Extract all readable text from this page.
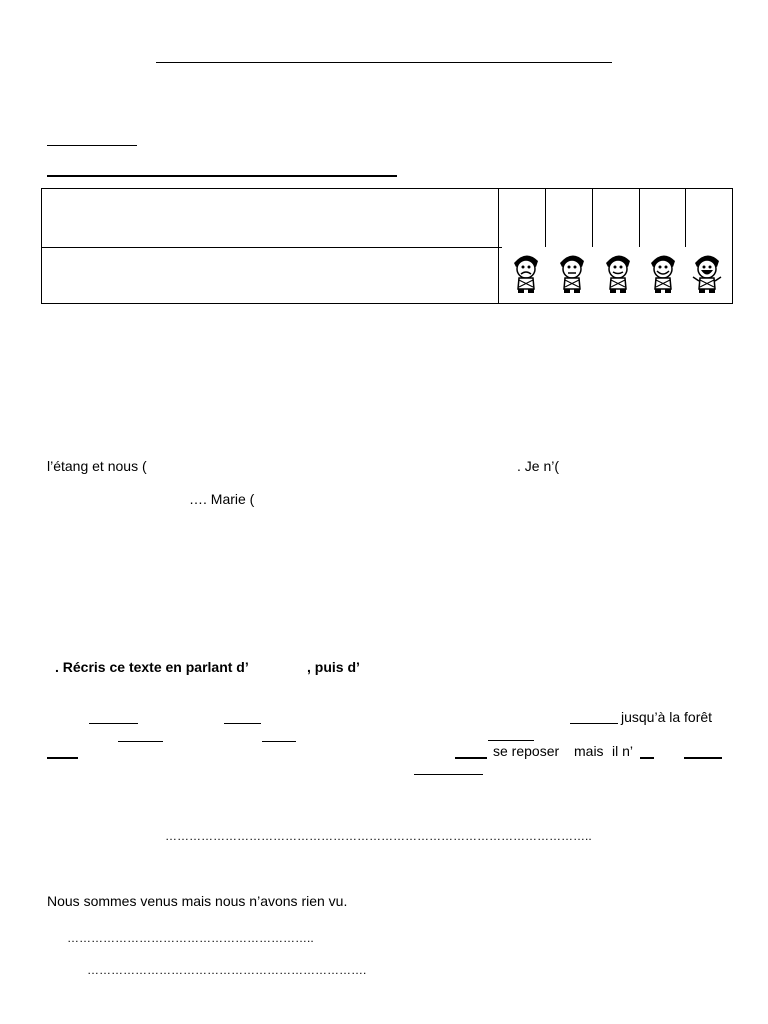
l’étang et nous (	. Je n’(
…. Marie (
. Récris ce texte en parlant d’	, puis d’
jusqu’à la forêt
se reposer mais il n’
……………………………………………………………………………………………..
Nous sommes venus mais nous n’avons rien vu.
……………………………………………………..
…………………………………………………………….
